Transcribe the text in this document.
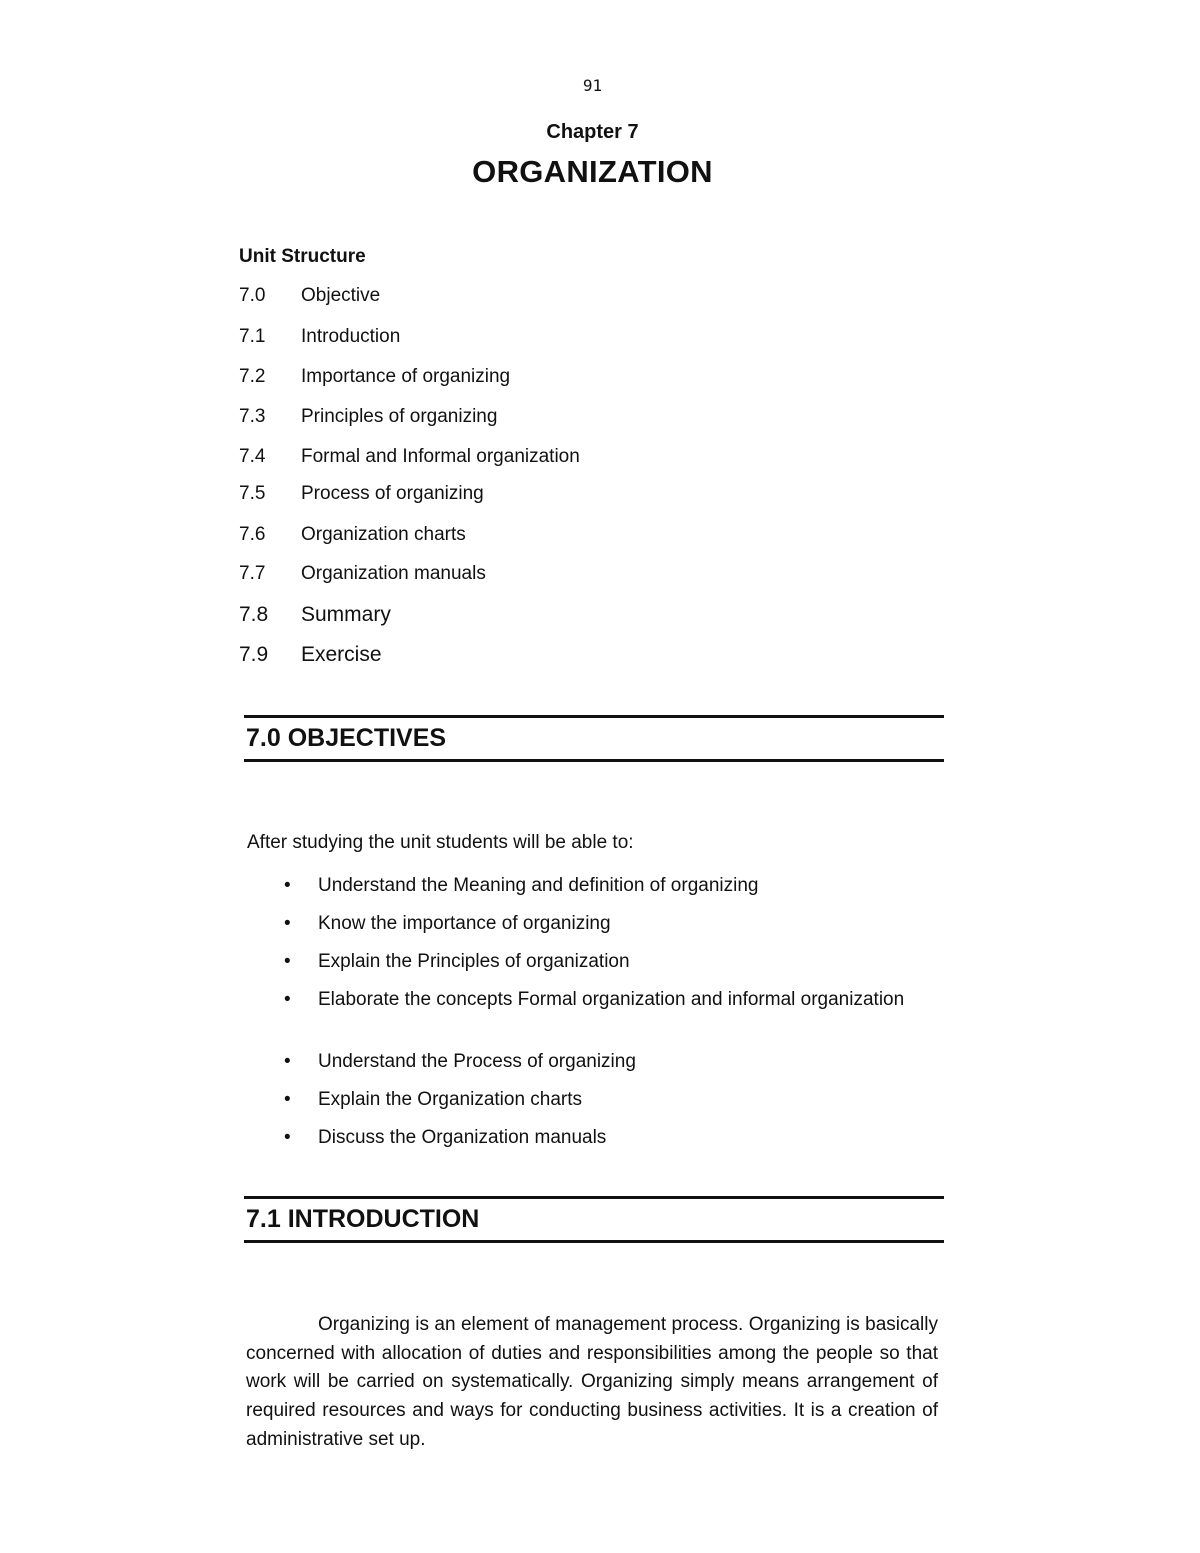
91
Chapter 7
ORGANIZATION
Unit Structure
7.0 Objective
7.1 Introduction
7.2 Importance of organizing
7.3 Principles of organizing
7.4 Formal and Informal organization
7.5 Process of organizing
7.6 Organization charts
7.7 Organization manuals
7.8 Summary
7.9 Exercise
7.0 OBJECTIVES
After studying the unit students will be able to:
• Understand the Meaning and definition of organizing
• Know the importance of organizing
• Explain the Principles of organization
• Elaborate the concepts Formal organization and informal organization
• Understand the Process of organizing
• Explain the Organization charts
• Discuss the Organization manuals
7.1 INTRODUCTION

Organizing is an element of management process. Organizing is basically concerned with allocation of duties and responsibilities among the people so that work will be carried on systematically. Organizing simply means arrangement of required resources and ways for conducting business activities. It is a creation of administrative set up.
